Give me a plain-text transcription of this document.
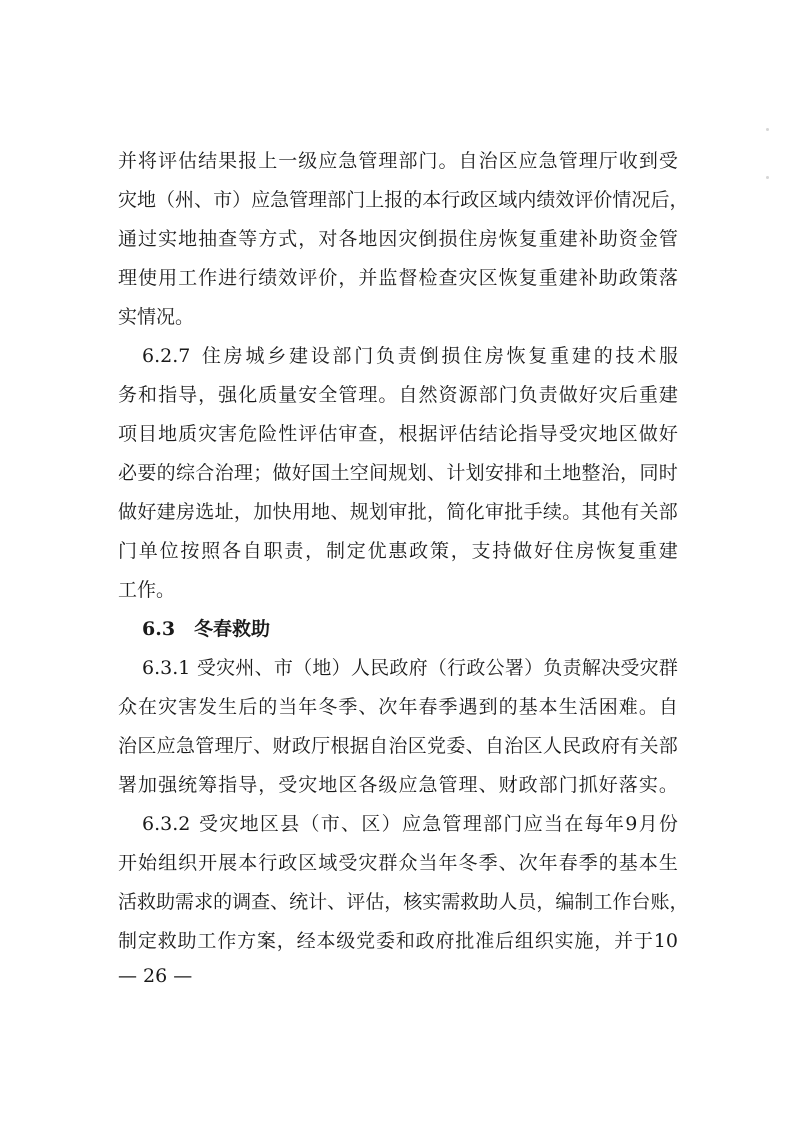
并 将 评 估 结 果 报 上 一 级 应 急 管 理 部 门 。 自 治 区 应 急 管 理 厅 收 到 受
灾 地 （ 州 、 市 ） 应 急 管 理 部 门 上 报 的 本 行 政 区 域 内 绩 效 评 价 情 况 后 ，
通 过 实 地 抽 查 等 方 式 ， 对 各 地 因 灾 倒 损 住 房 恢 复 重 建 补 助 资 金 管
理 使 用 工 作 进 行 绩 效 评 价 ， 并 监 督 检 查 灾 区 恢 复 重 建 补 助 政 策 落
实情况。
6.2.7
住 房 城 乡 建 设 部 门 负 责 倒 损 住 房 恢 复 重 建 的 技 术 服
务 和 指 导 ， 强 化 质 量 安 全 管 理 。 自 然 资 源 部 门 负 责 做 好 灾 后 重 建
项 目 地 质 灾 害 危 险 性 评 估 审 查 ， 根 据 评 估 结 论 指 导 受 灾 地 区 做 好
必 要 的 综 合 治 理 ； 做 好 国 土 空 间 规 划 、 计 划 安 排 和 土 地 整 治 ， 同 时
做 好 建 房 选 址 ， 加 快 用 地 、 规 划 审 批 ， 简 化 审 批 手 续 。 其 他 有 关 部
门 单 位 按 照 各 自 职 责 ， 制 定 优 惠 政 策 ， 支 持 做 好 住 房 恢 复 重 建
工作。
6.3　冬春救助
6.3.1
受 灾 州 、 市 （ 地 ） 人 民 政 府 （ 行 政 公 署 ） 负 责 解 决 受 灾 群
众 在 灾 害 发 生 后 的 当 年 冬 季 、 次 年 春 季 遇 到 的 基 本 生 活 困 难 。 自
治 区 应 急 管 理 厅 、 财 政 厅 根 据 自 治 区 党 委 、 自 治 区 人 民 政 府 有 关 部
署 加 强 统 筹 指 导 ， 受 灾 地 区 各 级 应 急 管 理 、 财 政 部 门 抓 好 落 实 。
6.3.2
受 灾 地 区 县 （ 市 、 区 ） 应 急 管 理 部 门 应 当 在 每 年 9 月 份
开 始 组 织 开 展 本 行 政 区 域 受 灾 群 众 当 年 冬 季 、 次 年 春 季 的 基 本 生
活 救 助 需 求 的 调 查 、 统 计 、 评 估 ， 核 实 需 救 助 人 员 ， 编 制 工 作 台 账 ，
制 定 救 助 工 作 方 案 ， 经 本 级 党 委 和 政 府 批 准 后 组 织 实 施 ， 并 于 10
— 26 —
